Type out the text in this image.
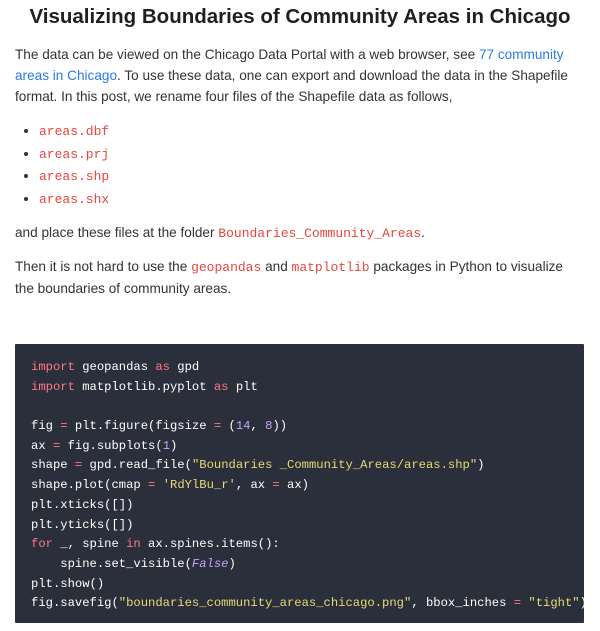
Visualizing Boundaries of Community Areas in Chicago

The data can be viewed on the Chicago Data Portal with a web browser, see 77 community areas in Chicago. To use these data, one can export and download the data in the Shapefile format. In this post, we rename four files of the Shapefile data as follows,

• areas.dbf
• areas.prj
• areas.shp
• areas.shx

and place these files at the folder Boundaries_Community_Areas.

Then it is not hard to use the geopandas and matplotlib packages in Python to visualize the boundaries of community areas.

import geopandas as gpd
import matplotlib.pyplot as plt

fig = plt.figure(figsize = (14, 8))
ax = fig.subplots(1)
shape = gpd.read_file("Boundaries _Community_Areas/areas.shp")
shape.plot(cmap = 'RdYlBu_r', ax = ax)
plt.xticks([])
plt.yticks([])
for _, spine in ax.spines.items():
spine.set_visible(False)
plt.show()
fig.savefig("boundaries_community_areas_chicago.png", bbox_inches = "tight")
